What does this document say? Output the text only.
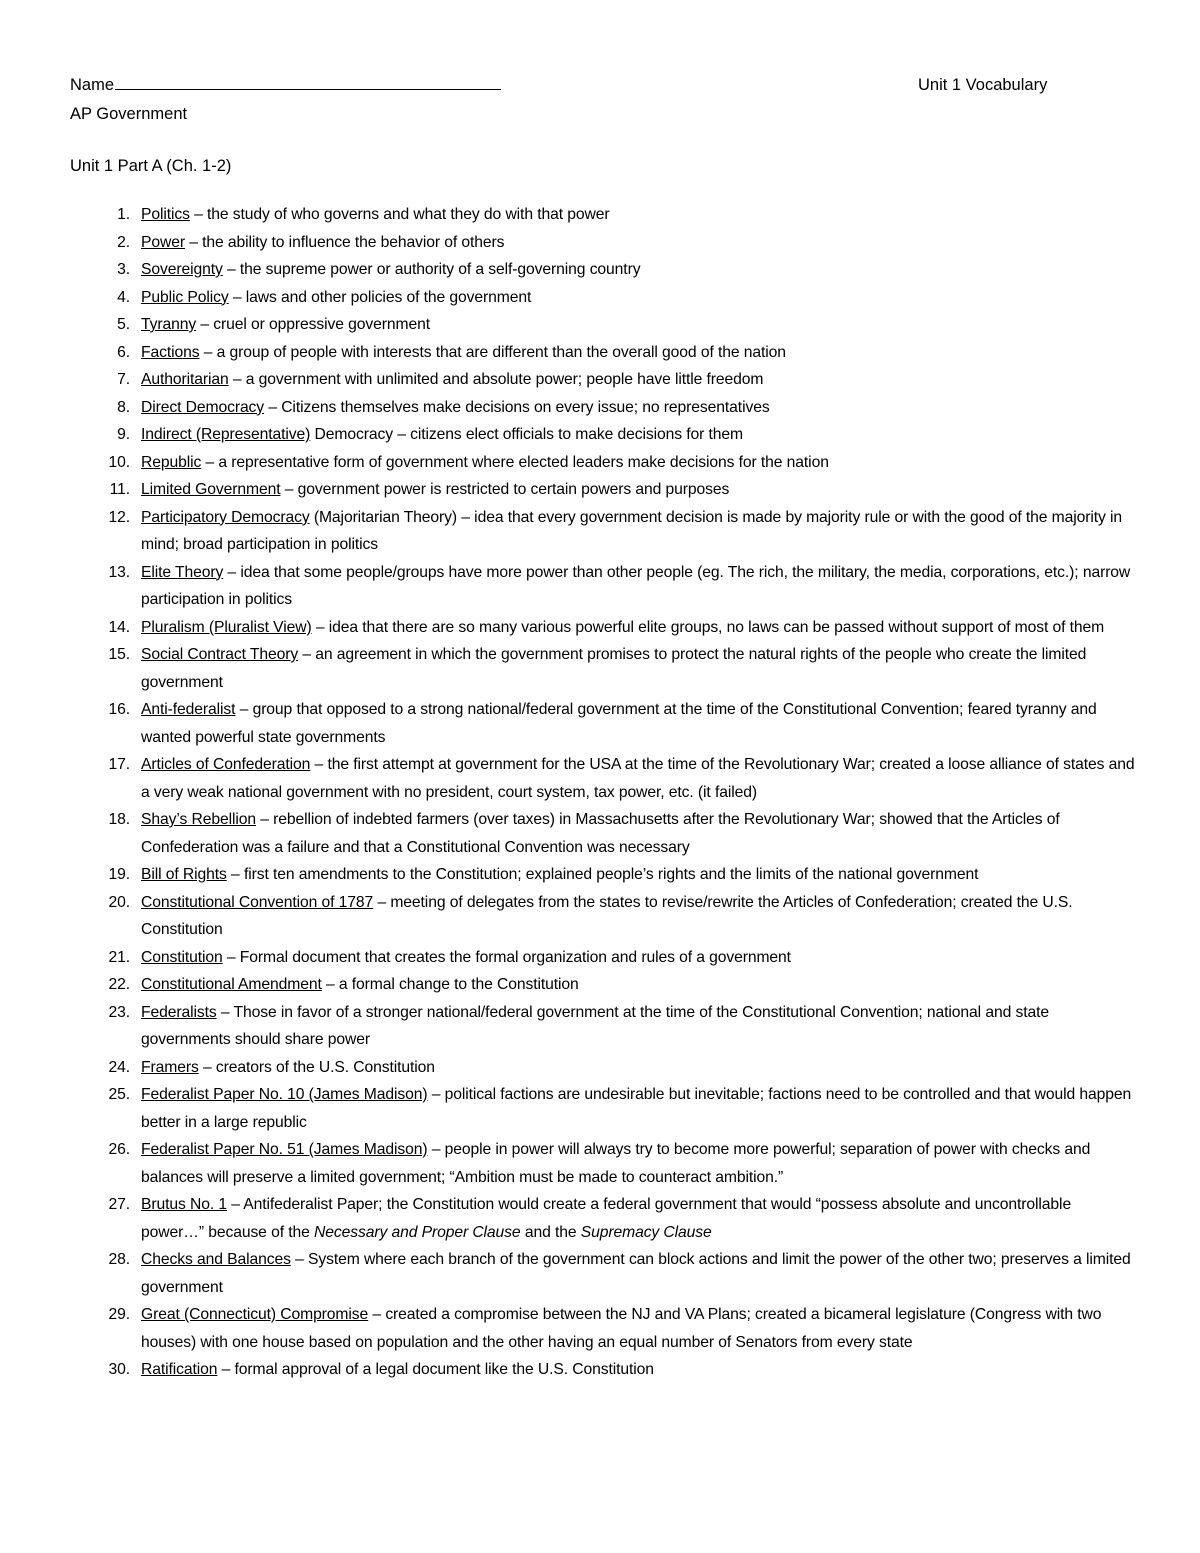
Name	Unit 1 Vocabulary
AP Government
Unit 1 Part A (Ch. 1-2)
1. Politics – the study of who governs and what they do with that power
2. Power – the ability to influence the behavior of others
3. Sovereignty – the supreme power or authority of a self-governing country
4. Public Policy – laws and other policies of the government
5. Tyranny – cruel or oppressive government
6. Factions – a group of people with interests that are different than the overall good of the nation
7. Authoritarian – a government with unlimited and absolute power; people have little freedom
8. Direct Democracy – Citizens themselves make decisions on every issue; no representatives
9. Indirect (Representative) Democracy – citizens elect officials to make decisions for them
10. Republic – a representative form of government where elected leaders make decisions for the nation
11. Limited Government – government power is restricted to certain powers and purposes
12. Participatory Democracy (Majoritarian Theory) – idea that every government decision is made by majority rule or with the good of the majority in mind; broad participation in politics
13. Elite Theory – idea that some people/groups have more power than other people (eg. The rich, the military, the media, corporations, etc.); narrow participation in politics
14. Pluralism (Pluralist View) – idea that there are so many various powerful elite groups, no laws can be passed without support of most of them
15. Social Contract Theory – an agreement in which the government promises to protect the natural rights of the people who create the limited government
16. Anti-federalist – group that opposed to a strong national/federal government at the time of the Constitutional Convention; feared tyranny and wanted powerful state governments
17. Articles of Confederation – the first attempt at government for the USA at the time of the Revolutionary War; created a loose alliance of states and a very weak national government with no president, court system, tax power, etc. (it failed)
18. Shay’s Rebellion – rebellion of indebted farmers (over taxes) in Massachusetts after the Revolutionary War; showed that the Articles of Confederation was a failure and that a Constitutional Convention was necessary
19. Bill of Rights – first ten amendments to the Constitution; explained people’s rights and the limits of the national government
20. Constitutional Convention of 1787 – meeting of delegates from the states to revise/rewrite the Articles of Confederation; created the U.S. Constitution
21. Constitution – Formal document that creates the formal organization and rules of a government
22. Constitutional Amendment – a formal change to the Constitution
23. Federalists – Those in favor of a stronger national/federal government at the time of the Constitutional Convention; national and state governments should share power
24. Framers – creators of the U.S. Constitution
25. Federalist Paper No. 10 (James Madison) – political factions are undesirable but inevitable; factions need to be controlled and that would happen better in a large republic
26. Federalist Paper No. 51 (James Madison) – people in power will always try to become more powerful; separation of power with checks and balances will preserve a limited government; “Ambition must be made to counteract ambition.”
27. Brutus No. 1 – Antifederalist Paper; the Constitution would create a federal government that would “possess absolute and uncontrollable power…” because of the Necessary and Proper Clause and the Supremacy Clause
28. Checks and Balances – System where each branch of the government can block actions and limit the power of the other two; preserves a limited government
29. Great (Connecticut) Compromise – created a compromise between the NJ and VA Plans; created a bicameral legislature (Congress with two houses) with one house based on population and the other having an equal number of Senators from every state
30. Ratification – formal approval of a legal document like the U.S. Constitution
